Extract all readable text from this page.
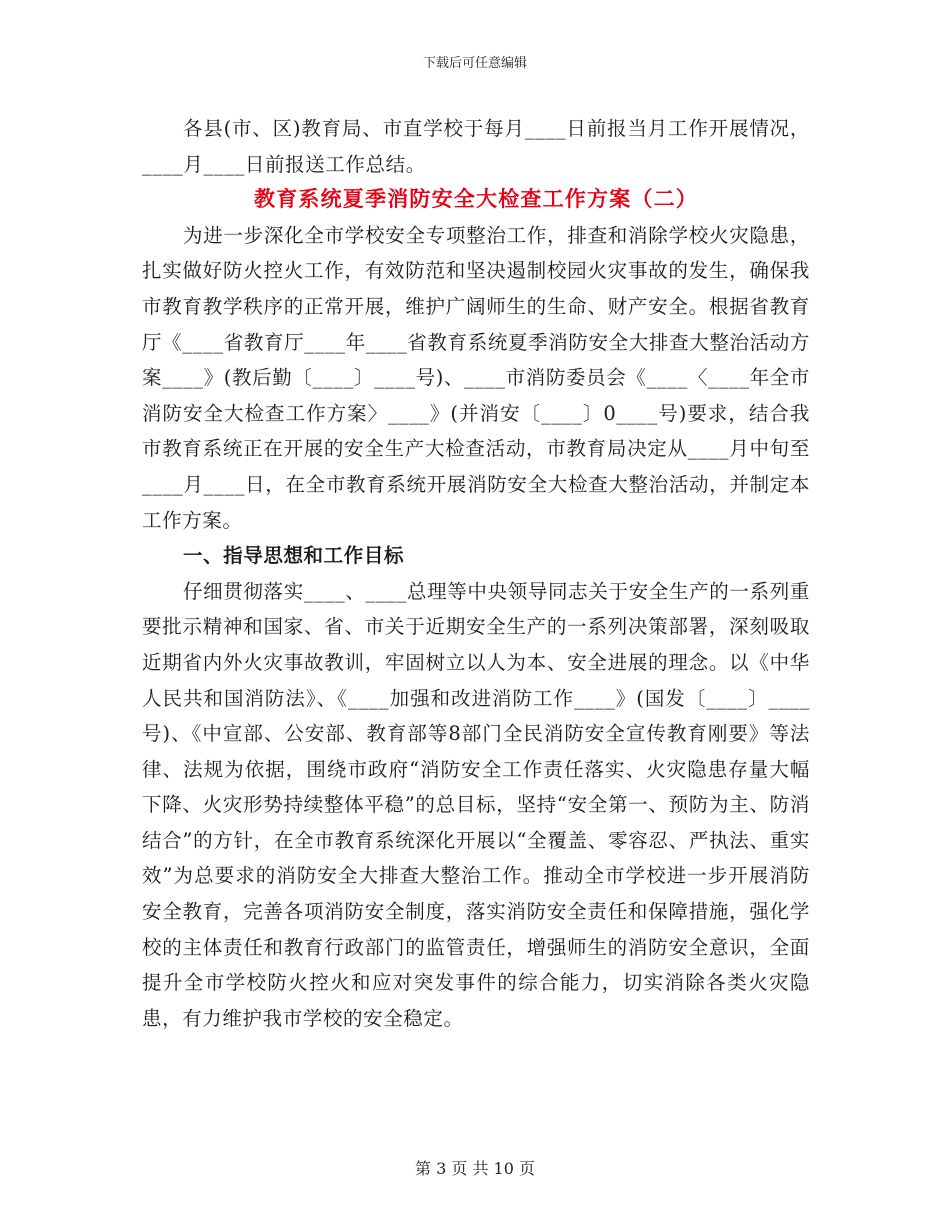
下载后可任意编辑

各县(市、区)教育局、市直学校于每月____日前报当月工作开展情况，____月____日前报送工作总结。

教育系统夏季消防安全大检查工作方案（二）

为进一步深化全市学校安全专项整治工作，排查和消除学校火灾隐患，扎实做好防火控火工作，有效防范和坚决遏制校园火灾事故的发生，确保我市教育教学秩序的正常开展，维护广阔师生的生命、财产安全。根据省教育厅《____省教育厅____年____省教育系统夏季消防安全大排查大整治活动方案____》(教后勤〔____〕____号)、____市消防委员会《____〈____年全市消防安全大检查工作方案〉____》(并消安〔____〕0____号)要求，结合我市教育系统正在开展的安全生产大检查活动，市教育局决定从____月中旬至____月____日，在全市教育系统开展消防安全大检查大整治活动，并制定本工作方案。

一、指导思想和工作目标

仔细贯彻落实____、____总理等中央领导同志关于安全生产的一系列重要批示精神和国家、省、市关于近期安全生产的一系列决策部署，深刻吸取近期省内外火灾事故教训，牢固树立以人为本、安全进展的理念。以《中华人民共和国消防法》、《____加强和改进消防工作____》(国发〔____〕____号)、《中宣部、公安部、教育部等8部门全民消防安全宣传教育刚要》等法律、法规为依据，围绕市政府“消防安全工作责任落实、火灾隐患存量大幅下降、火灾形势持续整体平稳”的总目标，坚持“安全第一、预防为主、防消结合”的方针，在全市教育系统深化开展以“全覆盖、零容忍、严执法、重实效”为总要求的消防安全大排查大整治工作。推动全市学校进一步开展消防安全教育，完善各项消防安全制度，落实消防安全责任和保障措施，强化学校的主体责任和教育行政部门的监管责任，增强师生的消防安全意识，全面提升全市学校防火控火和应对突发事件的综合能力，切实消除各类火灾隐患，有力维护我市学校的安全稳定。

第 3 页 共 10 页
